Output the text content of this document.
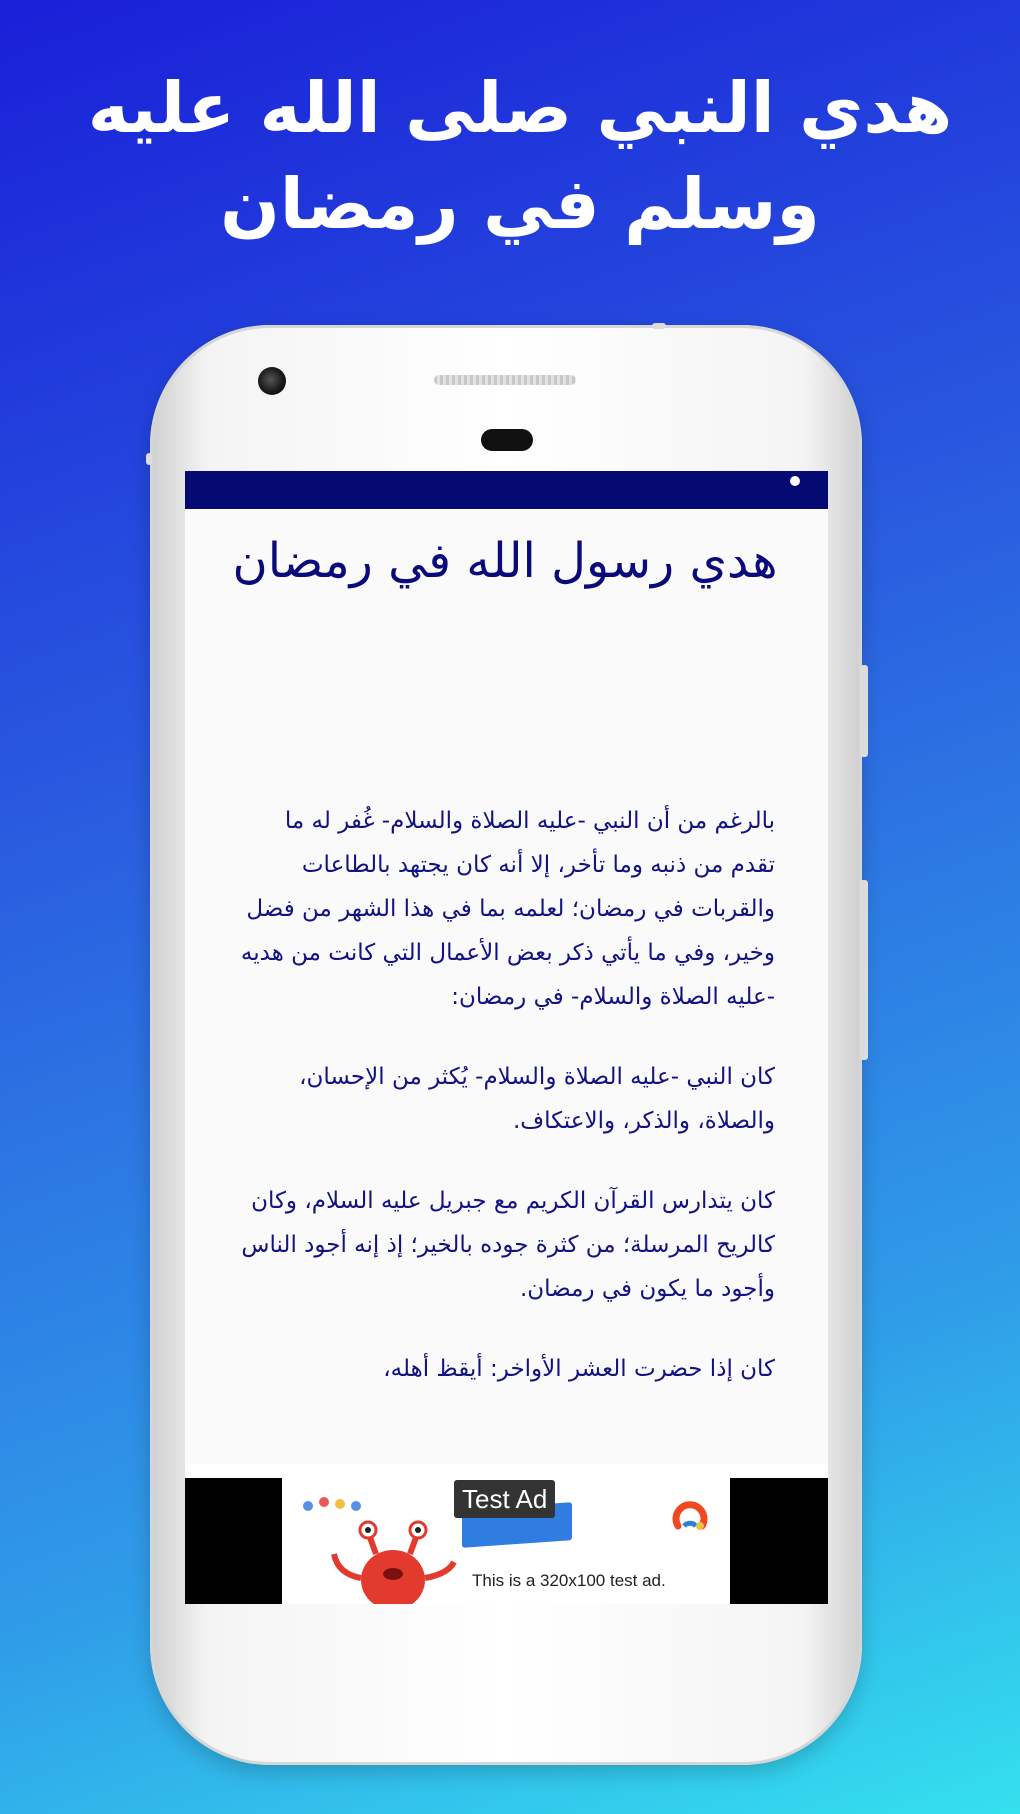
هدي النبي صلى الله عليه
وسلم في رمضان
هدي رسول الله في رمضان

بالرغم من أن النبي -عليه الصلاة والسلام- غُفر له ما تقدم من ذنبه وما تأخر، إلا أنه كان يجتهد بالطاعات والقربات في رمضان؛ لعلمه بما في هذا الشهر من فضل وخير، وفي ما يأتي ذكر بعض الأعمال التي كانت من هديه -عليه الصلاة والسلام- في رمضان:

كان النبي -عليه الصلاة والسلام- يُكثر من الإحسان، والصلاة، والذكر، والاعتكاف.

كان يتدارس القرآن الكريم مع جبريل عليه السلام، وكان كالريح المرسلة؛ من كثرة جوده بالخير؛ إذ إنه أجود الناس وأجود ما يكون في رمضان.

كان إذا حضرت العشر الأواخر: أيقظ أهله،

Test Ad
This is a 320x100 test ad.
